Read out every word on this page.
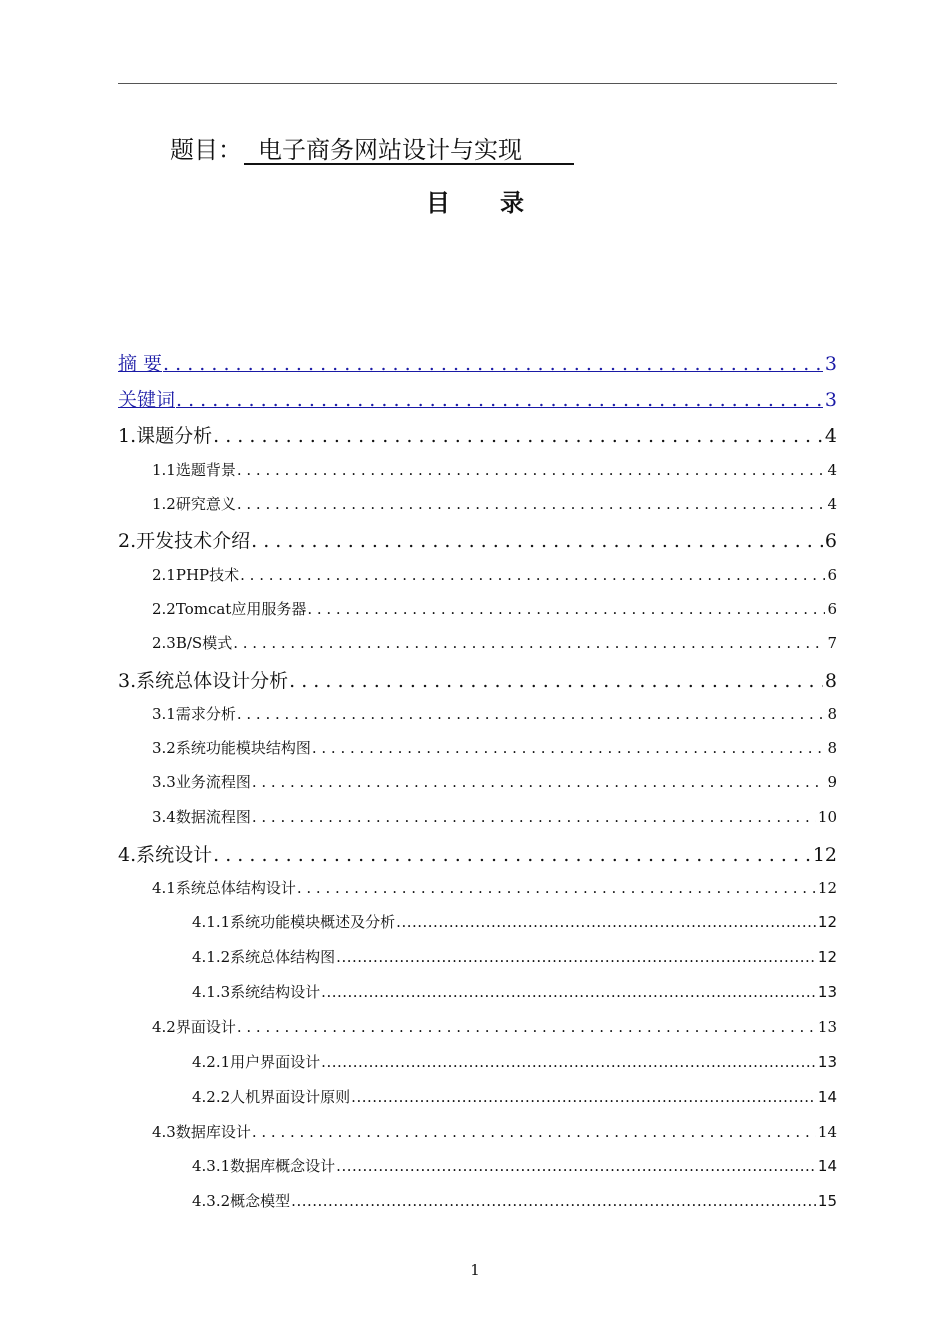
题目： 电子商务网站设计与实现
目录
摘 要 . . .	3
关键词 . . .	3
1.课题分析 . . .	4
1.1选题背景 . . .	4
1.2研究意义 . . .	4
2.开发技术介绍 . . .	6
2.1PHP技术 . . .	6
2.2Tomcat应用服务器 . . .	6
2.3B/S模式 . . .	7
3.系统总体设计分析 . . .	8
3.1需求分析 . . .	8
3.2系统功能模块结构图 . . .	8
3.3业务流程图 . . .	9
3.4数据流程图 . . .	10
4.系统设计 . . .	12
4.1系统总体结构设计 . . .	12
4.1.1系统功能模块概述及分析 .....	12
4.1.2系统总体结构图 .....	12
4.1.3系统结构设计 .....	13
4.2界面设计 . . .	13
4.2.1用户界面设计 .....	13
4.2.2人机界面设计原则 .....	14
4.3数据库设计 . . .	14
4.3.1数据库概念设计 .....	14
4.3.2概念模型 .....	15
1
